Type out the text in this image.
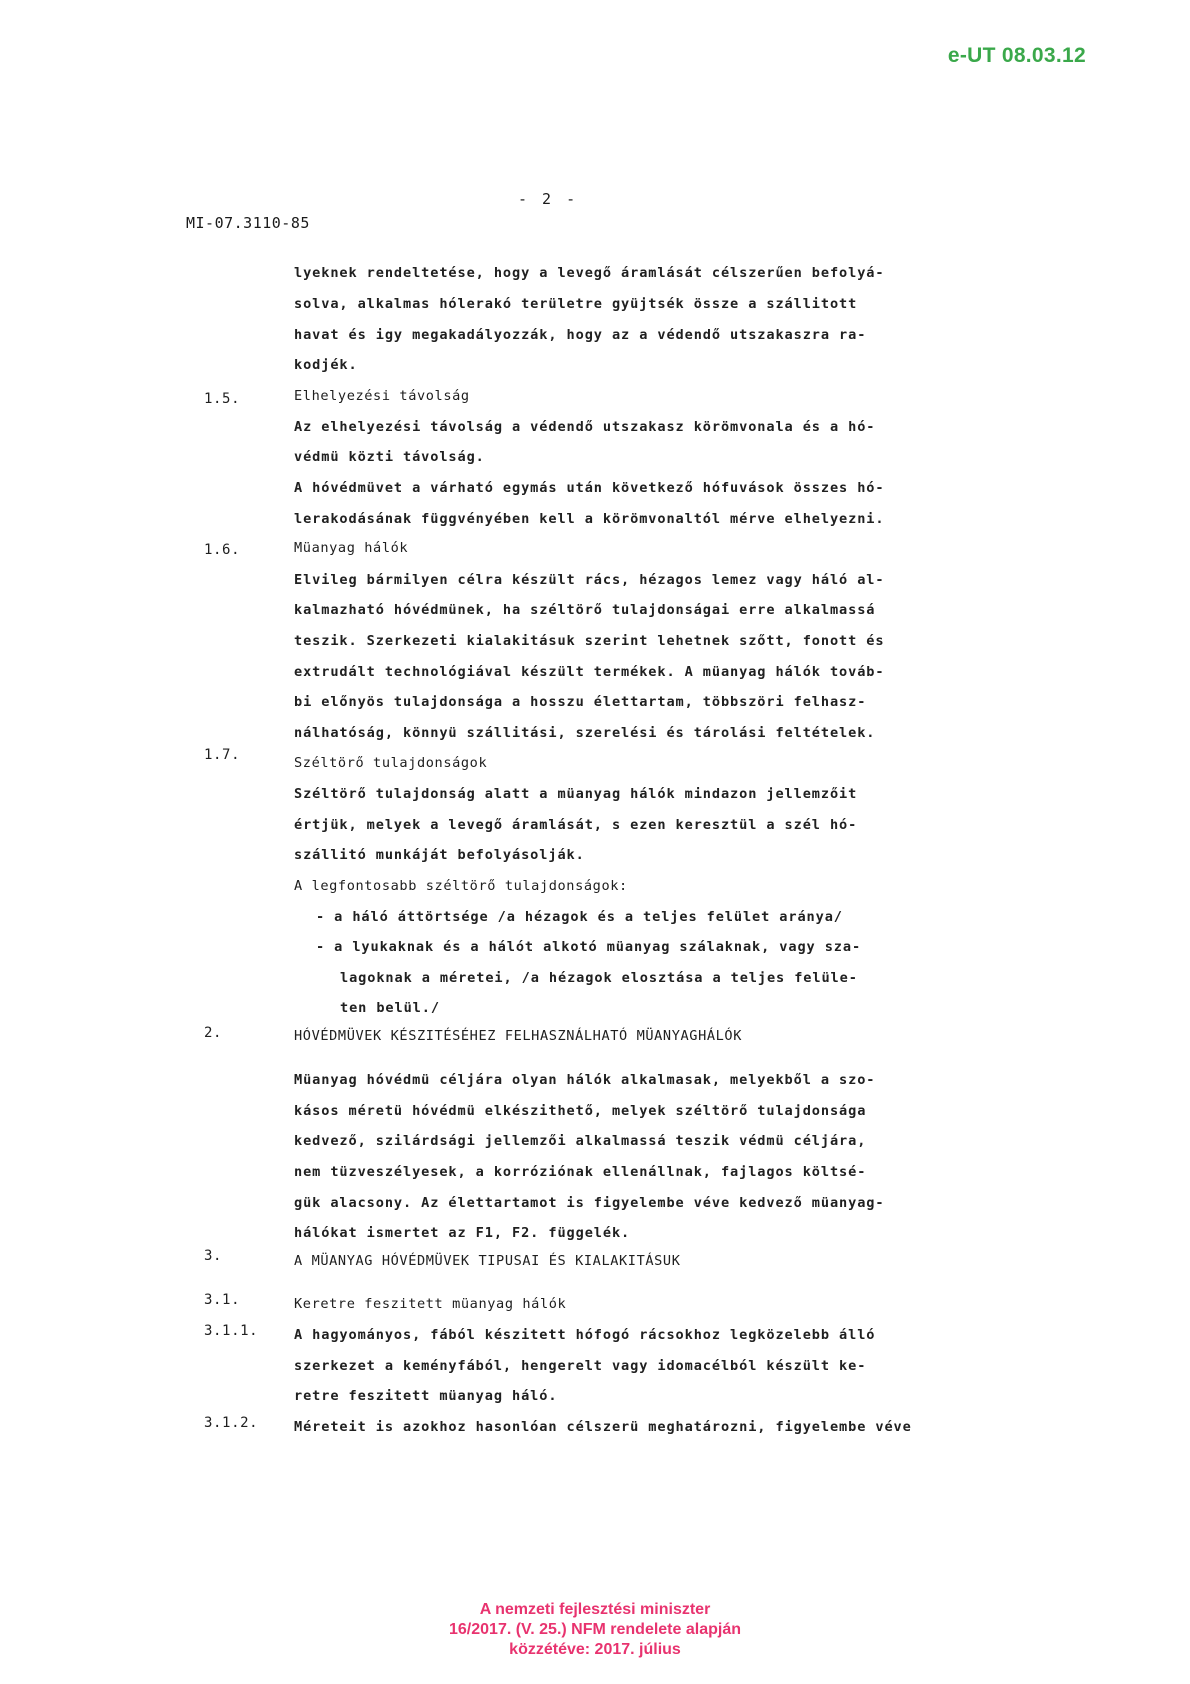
e-UT 08.03.12
- 2 -
MI-07.3110-85
1.5.
1.6.
1.7.
2.
3.
3.1.
3.1.1.
3.1.2.
lyeknek rendeltetése, hogy a levegő áramlását célszerűen befolyá-
solva, alkalmas hólerakó területre gyüjtsék össze a szállitott
havat és igy megakadályozzák, hogy az a védendő utszakaszra ra-
kodjék.
Elhelyezési távolság
Az elhelyezési távolság a védendő utszakasz körömvonala és a hó-
védmü közti távolság.
A hóvédmüvet a várható egymás után következő hófuvások összes hó-
lerakodásának függvényében kell a körömvonaltól mérve elhelyezni.
Müanyag hálók
Elvileg bármilyen célra készült rács, hézagos lemez vagy háló al-
kalmazható hóvédmünek, ha széltörő tulajdonságai erre alkalmassá
teszik. Szerkezeti kialakitásuk szerint lehetnek szőtt, fonott és
extrudált technológiával készült termékek. A müanyag hálók továb-
bi előnyös tulajdonsága a hosszu élettartam, többszöri felhasz-
nálhatóság, könnyü szállitási, szerelési és tárolási feltételek.
Széltörő tulajdonságok
Széltörő tulajdonság alatt a müanyag hálók mindazon jellemzőit
értjük, melyek a levegő áramlását, s ezen keresztül a szél hó-
szállitó munkáját befolyásolják.
A legfontosabb széltörő tulajdonságok:
- a háló áttörtsége /a hézagok és a teljes felület aránya/
- a lyukaknak és a hálót alkotó müanyag szálaknak, vagy sza-
lagoknak a méretei, /a hézagok elosztása a teljes felüle-
ten belül./
HÓVÉDMÜVEK KÉSZITÉSÉHEZ FELHASZNÁLHATÓ MÜANYAGHÁLÓK
Müanyag hóvédmü céljára olyan hálók alkalmasak, melyekből a szo-
kásos méretü hóvédmü elkészithető, melyek széltörő tulajdonsága
kedvező, szilárdsági jellemzői alkalmassá teszik védmü céljára,
nem tüzveszélyesek, a korróziónak ellenállnak, fajlagos költsé-
gük alacsony. Az élettartamot is figyelembe véve kedvező müanyag-
hálókat ismertet az F1, F2. függelék.
A MÜANYAG HÓVÉDMÜVEK TIPUSAI ÉS KIALAKITÁSUK
Keretre feszitett müanyag hálók
A hagyományos, fából készitett hófogó rácsokhoz legközelebb álló
szerkezet a keményfából, hengerelt vagy idomacélból készült ke-
retre feszitett müanyag háló.
Méreteit is azokhoz hasonlóan célszerü meghatározni, figyelembe véve
A nemzeti fejlesztési miniszter
16/2017. (V. 25.) NFM rendelete alapján
közzétéve: 2017. július
